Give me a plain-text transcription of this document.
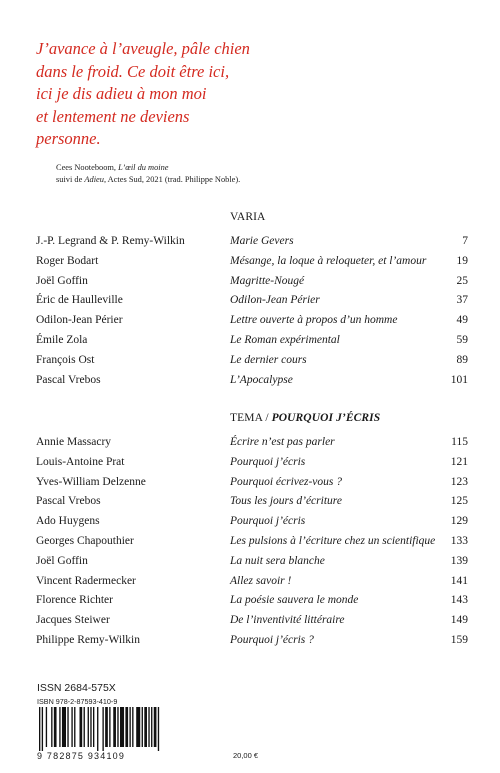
J’avance à l’aveugle, pâle chien
dans le froid. Ce doit être ici,
ici je dis adieu à mon moi
et lentement ne deviens
personne.
Cees Nooteboom, L’œil du moine
suivi de Adieu, Actes Sud, 2021 (trad. Philippe Noble).
VARIA
J.-P. Legrand & P. Remy-Wilkin	Marie Gevers	7
Roger Bodart	Mésange, la loque à reloqueter, et l’amour	19
Joël Goffin	Magritte-Nougé	25
Éric de Haulleville	Odilon-Jean Périer	37
Odilon-Jean Périer	Lettre ouverte à propos d’un homme	49
Émile Zola	Le Roman expérimental	59
François Ost	Le dernier cours	89
Pascal Vrebos	L’Apocalypse	101
TEMA / POURQUOI J’ÉCRIS
Annie Massacry	Écrire n’est pas parler	115
Louis-Antoine Prat	Pourquoi j’écris	121
Yves-William Delzenne	Pourquoi écrivez-vous ?	123
Pascal Vrebos	Tous les jours d’écriture	125
Ado Huygens	Pourquoi j’écris	129
Georges Chapouthier	Les pulsions à l’écriture chez un scientifique 133
Joël Goffin	La nuit sera blanche	139
Vincent Radermecker	Allez savoir !	141
Florence Richter	La poésie sauvera le monde	143
Jacques Steiwer	De l’inventivité littéraire	149
Philippe Remy-Wilkin	Pourquoi j’écris ?	159
ISSN 2684-575X
ISBN 978-2-87593-410-9
9 782875 934109	20,00 €
